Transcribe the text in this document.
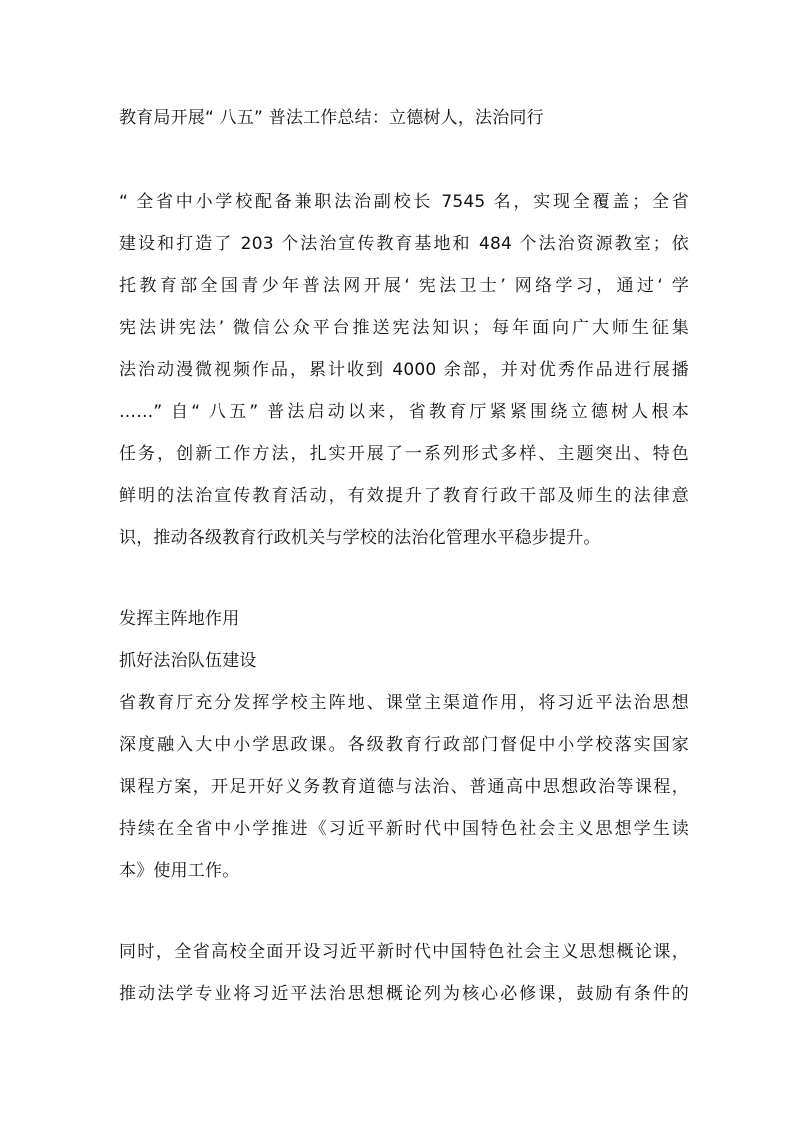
教育局开展“ 八五” 普法工作总结：立德树人，法治同行
“ 全省中小学校配备兼职法治副校长 7545 名，实现全覆盖；全省
建设和打造了 203 个法治宣传教育基地和 484 个法治资源教室；依
托教育部全国青少年普法网开展‘ 宪法卫士’ 网络学习，通过‘ 学
宪法讲宪法’ 微信公众平台推送宪法知识；每年面向广大师生征集
法治动漫微视频作品，累计收到 4000 余部，并对优秀作品进行展播
……” 自“ 八五” 普法启动以来，省教育厅紧紧围绕立德树人根本
任务，创新工作方法，扎实开展了一系列形式多样、主题突出、特色
鲜明的法治宣传教育活动，有效提升了教育行政干部及师生的法律意
识，推动各级教育行政机关与学校的法治化管理水平稳步提升。
发挥主阵地作用
抓好法治队伍建设
省教育厅充分发挥学校主阵地、课堂主渠道作用，将习近平法治思想
深度融入大中小学思政课。各级教育行政部门督促中小学校落实国家
课程方案，开足开好义务教育道德与法治、普通高中思想政治等课程，
持续在全省中小学推进《习近平新时代中国特色社会主义思想学生读
本》使用工作。
同时，全省高校全面开设习近平新时代中国特色社会主义思想概论课，
推动法学专业将习近平法治思想概论列为核心必修课，鼓励有条件的
